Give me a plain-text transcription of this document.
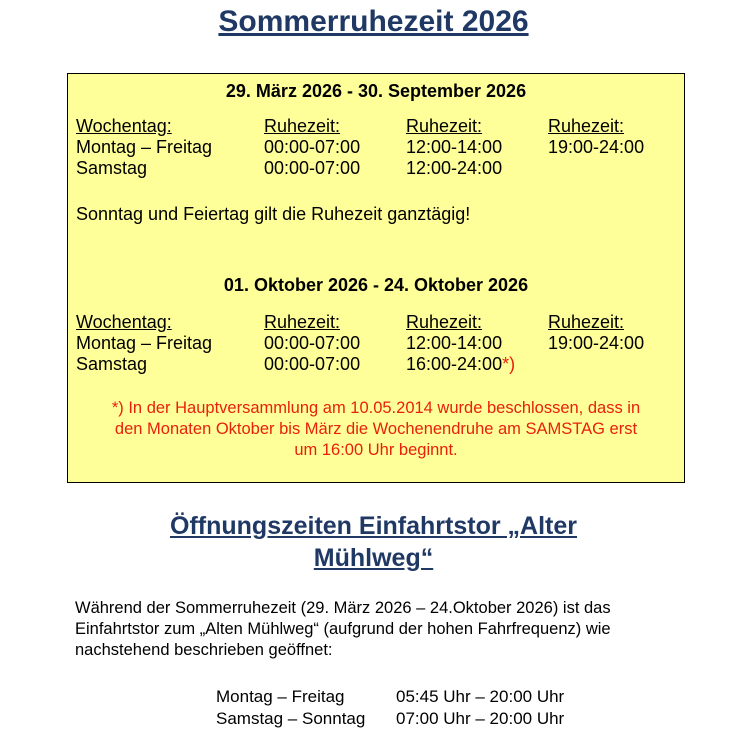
Sommerruhezeit 2026
29. März 2026 - 30. September 2026
Wochentag:	Ruhezeit:	Ruhezeit:	Ruhezeit:
Montag – Freitag	00:00-07:00	12:00-14:00	19:00-24:00
Samstag	00:00-07:00	12:00-24:00
Sonntag und Feiertag gilt die Ruhezeit ganztägig!
01. Oktober 2026 - 24. Oktober 2026
Wochentag:	Ruhezeit:	Ruhezeit:	Ruhezeit:
Montag – Freitag	00:00-07:00	12:00-14:00	19:00-24:00
Samstag	00:00-07:00	16:00-24:00*)
*) In der Hauptversammlung am 10.05.2014 wurde beschlossen, dass in
den Monaten Oktober bis März die Wochenendruhe am SAMSTAG erst
um 16:00 Uhr beginnt.
Öffnungszeiten Einfahrtstor „Alter
Mühlweg“
Während der Sommerruhezeit (29. März 2026 – 24.Oktober 2026) ist das
Einfahrtstor zum „Alten Mühlweg“ (aufgrund der hohen Fahrfrequenz) wie
nachstehend beschrieben geöffnet:
Montag – Freitag	05:45 Uhr – 20:00 Uhr
Samstag – Sonntag 07:00 Uhr – 20:00 Uhr
